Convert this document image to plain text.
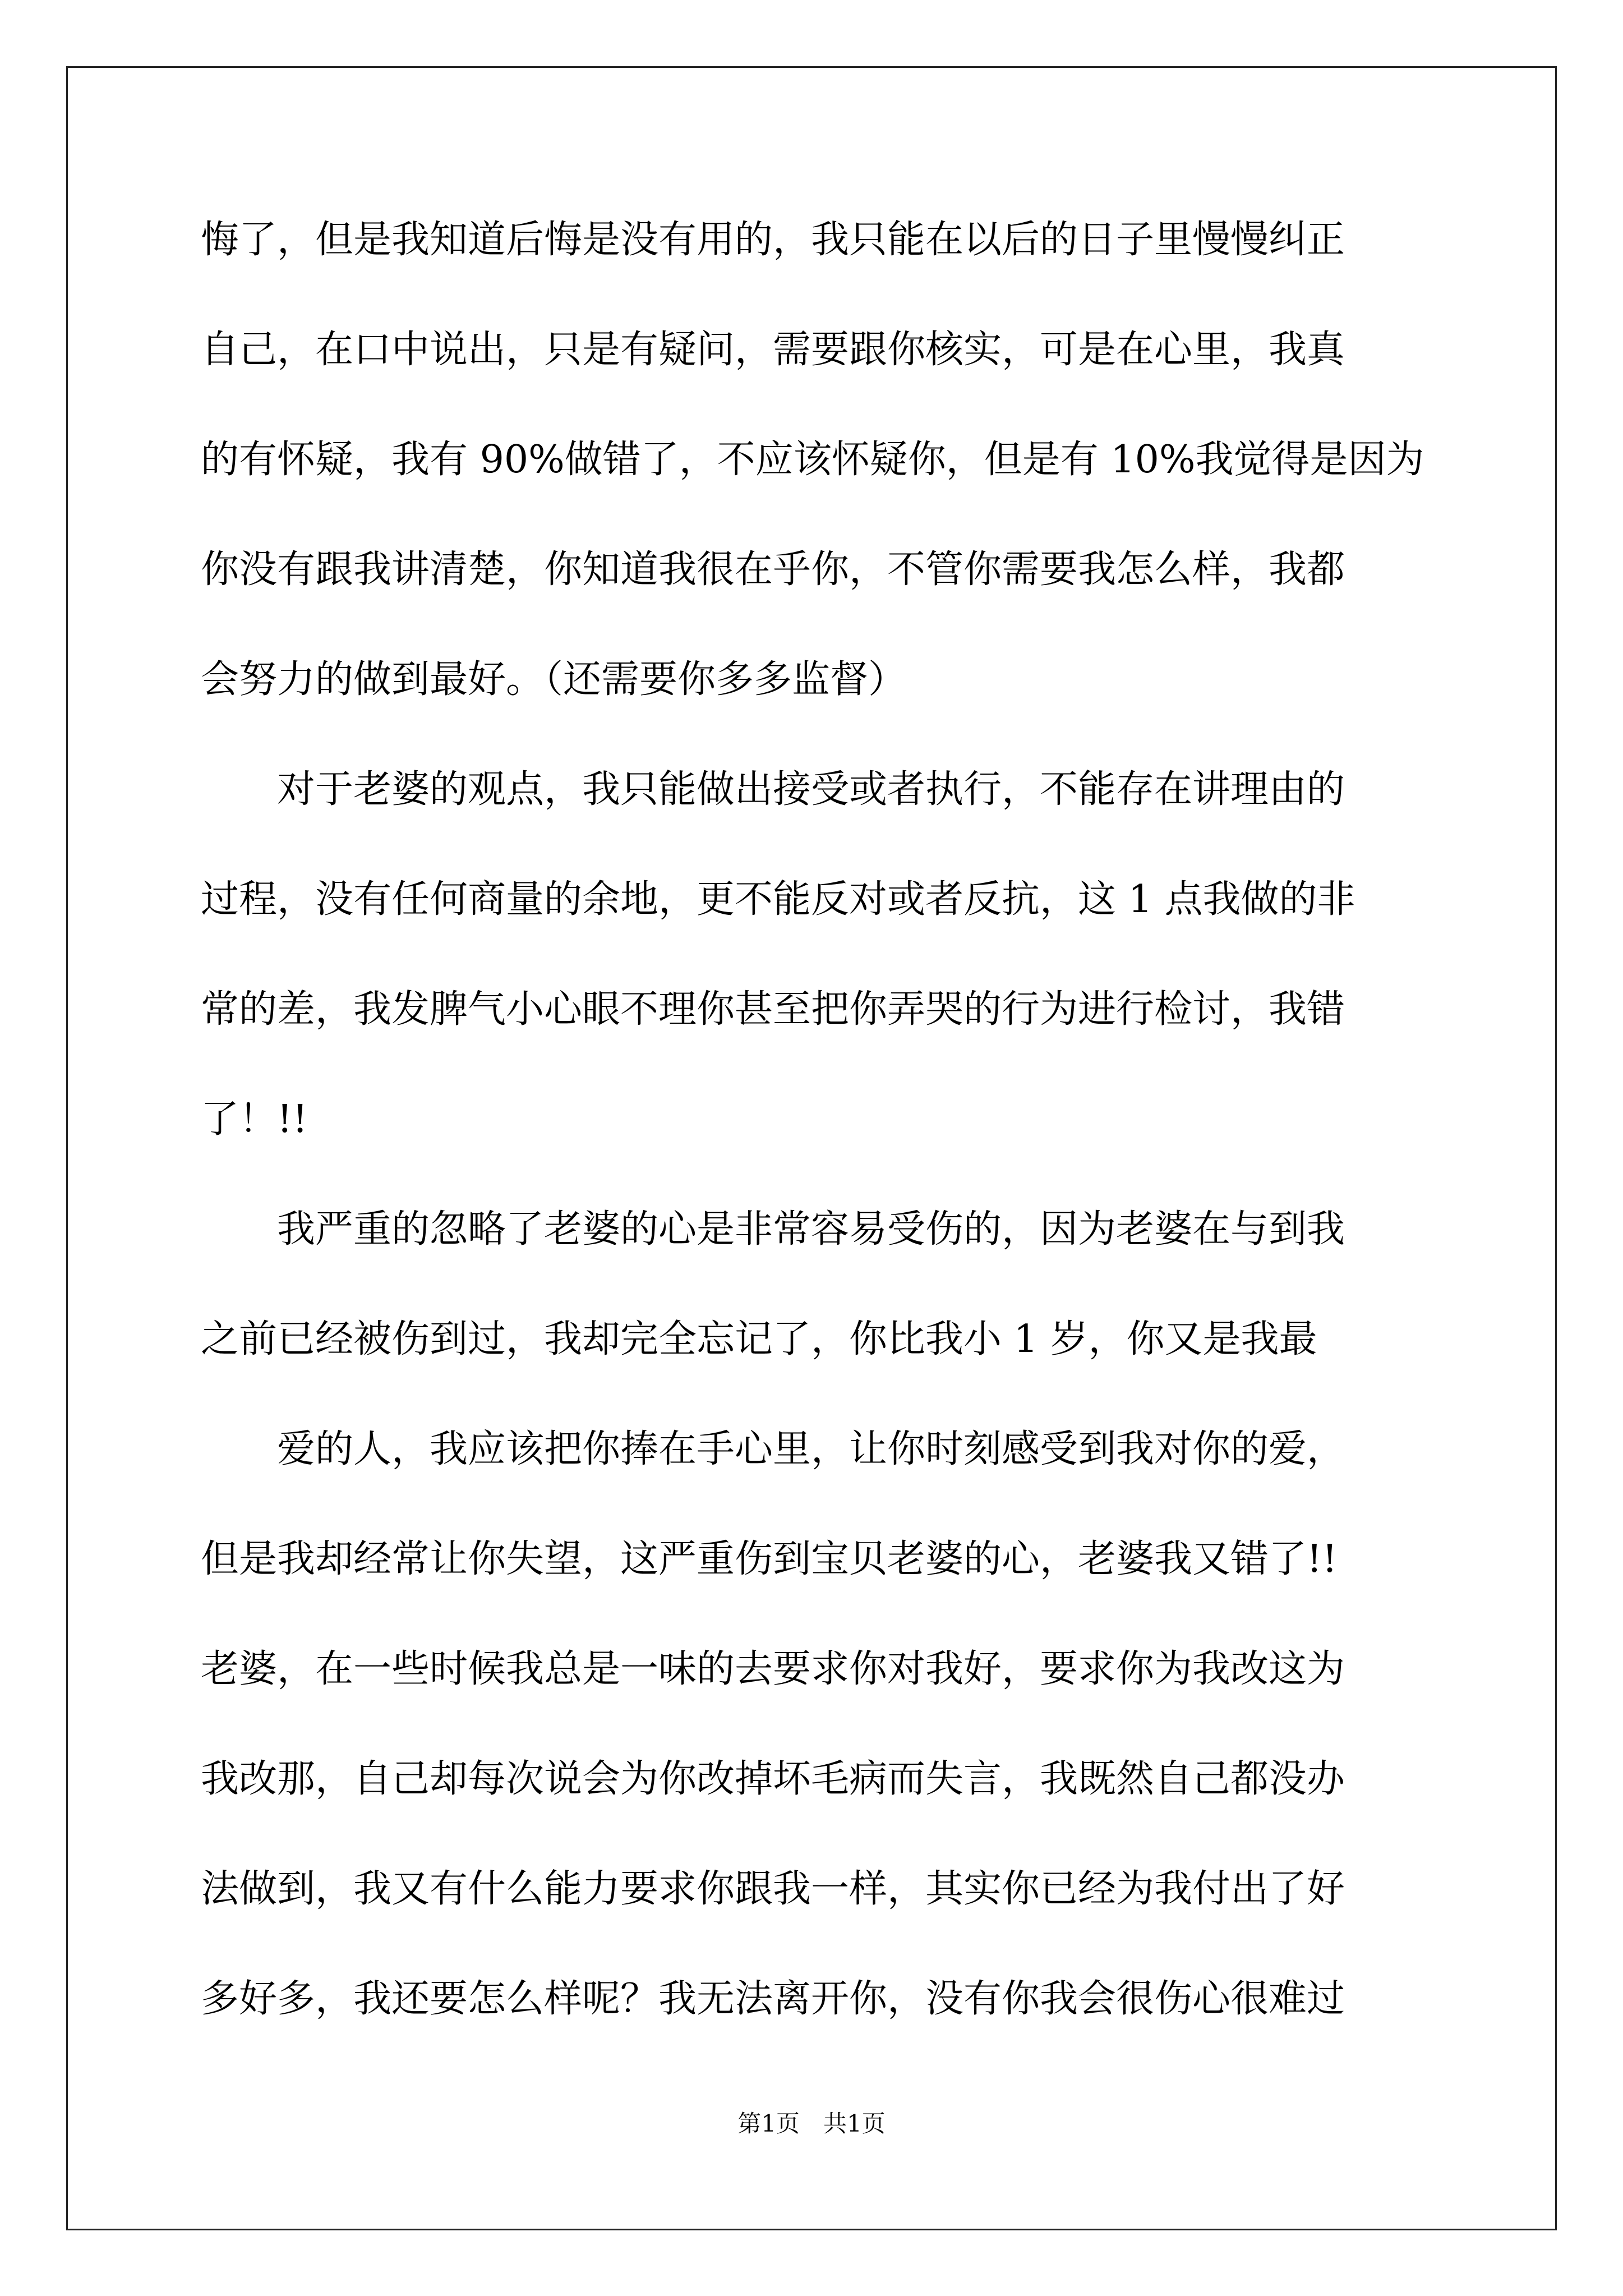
悔了，但是我知道后悔是没有用的，我只能在以后的日子里慢慢纠正
自己，在口中说出，只是有疑问，需要跟你核实，可是在心里，我真
的有怀疑，我有 90%做错了，不应该怀疑你，但是有 10%我觉得是因为
你没有跟我讲清楚，你知道我很在乎你，不管你需要我怎么样，我都
会努力的做到最好。（还需要你多多监督）
对于老婆的观点，我只能做出接受或者执行，不能存在讲理由的
过程，没有任何商量的余地，更不能反对或者反抗，这 1 点我做的非
常的差，我发脾气小心眼不理你甚至把你弄哭的行为进行检讨，我错
了！!!
我严重的忽略了老婆的心是非常容易受伤的，因为老婆在与到我
之前已经被伤到过，我却完全忘记了，你比我小 1 岁，你又是我最
爱的人，我应该把你捧在手心里，让你时刻感受到我对你的爱，
但是我却经常让你失望，这严重伤到宝贝老婆的心，老婆我又错了!!
老婆，在一些时候我总是一味的去要求你对我好，要求你为我改这为
我改那，自己却每次说会为你改掉坏毛病而失言，我既然自己都没办
法做到，我又有什么能力要求你跟我一样，其实你已经为我付出了好
多好多，我还要怎么样呢？我无法离开你，没有你我会很伤心很难过
第1页　共1页
